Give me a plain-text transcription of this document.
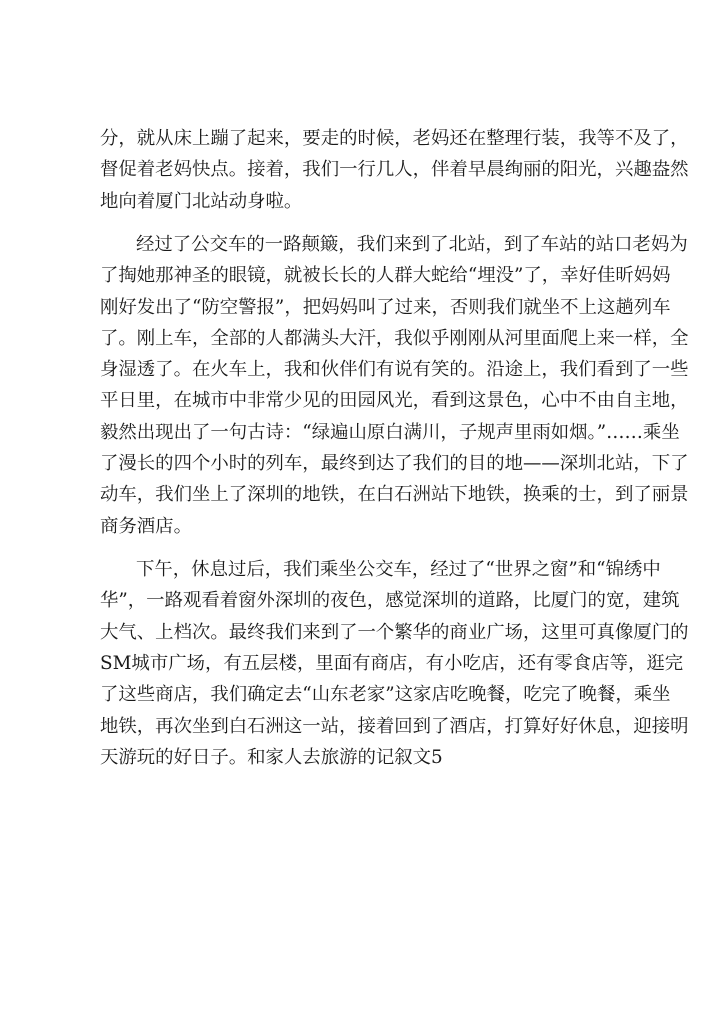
分，就从床上蹦了起来，要走的时候，老妈还在整理行装，我等不及了，
督促着老妈快点。接着，我们一行几人，伴着早晨绚丽的阳光，兴趣盎然
地向着厦门北站动身啦。
经过了公交车的一路颠簸，我们来到了北站，到了车站的站口老妈为
了掏她那神圣的眼镜，就被长长的人群大蛇给“埋没”了，幸好佳昕妈妈
刚好发出了“防空警报”，把妈妈叫了过来，否则我们就坐不上这趟列车
了。刚上车，全部的人都满头大汗，我似乎刚刚从河里面爬上来一样，全
身湿透了。在火车上，我和伙伴们有说有笑的。沿途上，我们看到了一些
平日里，在城市中非常少见的田园风光，看到这景色，心中不由自主地，
毅然出现出了一句古诗：“绿遍山原白满川，子规声里雨如烟。”……乘坐
了漫长的四个小时的列车，最终到达了我们的目的地——深圳北站，下了
动车，我们坐上了深圳的地铁，在白石洲站下地铁，换乘的士，到了丽景
商务酒店。
下午，休息过后，我们乘坐公交车，经过了“世界之窗”和“锦绣中
华”，一路观看着窗外深圳的夜色，感觉深圳的道路，比厦门的宽，建筑
大气、上档次。最终我们来到了一个繁华的商业广场，这里可真像厦门的
SM城市广场，有五层楼，里面有商店，有小吃店，还有零食店等，逛完
了这些商店，我们确定去“山东老家”这家店吃晚餐，吃完了晚餐，乘坐
地铁，再次坐到白石洲这一站，接着回到了酒店，打算好好休息，迎接明
天游玩的好日子。和家人去旅游的记叙文5
